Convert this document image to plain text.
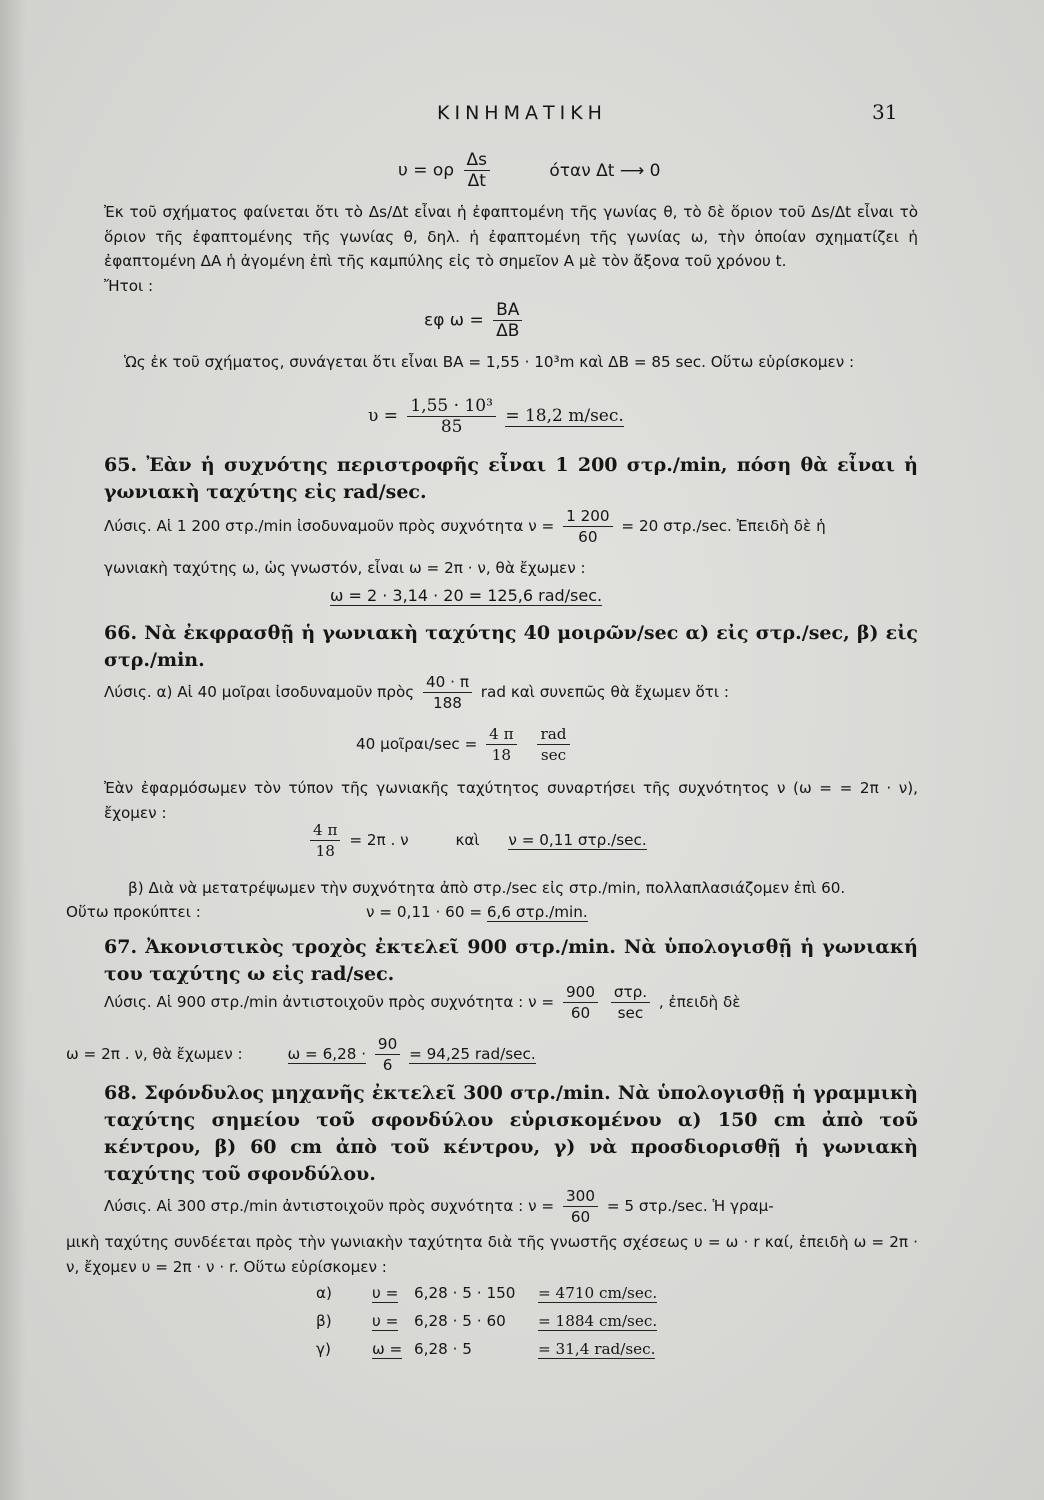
ΚΙΝΗΜΑΤΙΚΗ	31
υ = ορ $\frac{\Delta s}{\Delta t}$	όταν Δt ⟶ 0

Ἐκ τοῦ σχήματος φαίνεται ὅτι τὸ Δs/Δt εἶναι ἡ ἐφαπτομένη τῆς γωνίας θ, τὸ δὲ ὅριον τοῦ Δs/Δt εἶναι τὸ ὅριον τῆς ἐφαπτομένης τῆς γωνίας θ, δηλ. ἡ ἐφαπτομένη τῆς γωνίας ω, τὴν ὁποίαν σχηματίζει ἡ ἐφαπτομένη ΔΑ ἡ ἀγομένη ἐπὶ τῆς καμπύλης εἰς τὸ σημεῖον Α μὲ τὸν ἄξονα τοῦ χρόνου t.

Ἤτοι :

εφ $\omega = \frac{BA}{\Delta B}$

Ὡς ἐκ τοῦ σχήματος, συνάγεται ὅτι εἶναι ΒΑ = 1,55 · 10³m καὶ ΔΒ = 85 sec. Οὕτω εὑρίσκομεν :

$\upsilon = \frac{\text{1,55 · 10³}}{85} = 18,2$ m/sec.

65. Ἐὰν ἡ συχνότης περιστροφῆς εἶναι 1 200 στρ./min, πόση θὰ εἶναι ἡ γωνιακὴ ταχύτης εἰς rad/sec.

Λύσις. Αἱ 1 200 στρ./min ἰσοδυναμοῦν πρὸς συχνότητα $\nu = \frac{1 200}{60} = 20$ στρ./sec. Ἐπειδὴ δὲ ἡ

γωνιακὴ ταχύτης ω, ὡς γνωστόν, εἶναι ω = 2π · ν, θὰ ἔχωμεν :

ω = 2 · 3,14 · 20 = 125,6 rad/sec.

66. Νὰ ἐκφρασθῇ ἡ γωνιακὴ ταχύτης 40 μοιρῶν/sec α) εἰς στρ./sec, β) εἰς στρ./min.

Λύσις. α) Αἱ 40 μοῖραι ἰσοδυναμοῦν πρὸς $\frac{40 \cdot \pi}{188}$ rad καὶ συνεπῶς θὰ ἔχωμεν ὅτι :
40 μοῖραι/sec = $\frac{4 \pi}{18}$
$\frac{\text{rad}}{\sec}$

Ἐὰν ἐφαρμόσωμεν τὸν τύπον τῆς γωνιακῆς ταχύτητος συναρτήσει τῆς συχνότητος ν (ω = = 2π · ν), ἔχομεν :

$\frac{4 \pi}{18} = 2\pi$ . ν	καὶ ν = 0,11 στρ./sec.

β) Διὰ νὰ μετατρέψωμεν τὴν συχνότητα ἀπὸ στρ./sec εἰς στρ./min, πολλαπλασιάζομεν ἐπὶ 60.

Οὕτω προκύπτει :	ν = 0,11 · 60 = 6,6 στρ./min.

67. Ἀκονιστικὸς τροχὸς ἐκτελεῖ 900 στρ./min. Νὰ ὑπολογισθῇ ἡ γωνιακή του ταχύτης ω εἰς rad/sec.

Λύσις. Αἱ 900 στρ./min ἀντιστοιχοῦν πρὸς συχνότητα : $\nu = \frac{900}{60}$
$\frac{\text{στρ.}}{\sec}$ , ἐπειδὴ δὲ
ω = 2π . ν, θὰ ἔχωμεν :	$\omega = 6,28 \cdot \frac{90}{6} = 94,25$ rad/sec.

68. Σφόνδυλος μηχανῆς ἐκτελεῖ 300 στρ./min. Νὰ ὑπολογισθῇ ἡ γραμμικὴ ταχύτης σημείου τοῦ σφονδύλου εὑρισκομένου α) 150 cm ἀπὸ τοῦ κέντρου, β) 60 cm ἀπὸ τοῦ κέντρου, γ) νὰ προσδιορισθῇ ἡ γωνιακὴ ταχύτης τοῦ σφονδύλου.

Λύσις. Αἱ 300 στρ./min ἀντιστοιχοῦν πρὸς συχνότητα : $\nu = \frac{300}{60} = 5$ στρ./sec. Ἡ γραμ-

μικὴ ταχύτης συνδέεται πρὸς τὴν γωνιακὴν ταχύτητα διὰ τῆς γνωστῆς σχέσεως υ = ω · r καί, ἐπειδὴ ω = 2π · ν, ἔχομεν υ = 2π · ν · r. Οὕτω εὑρίσκομεν :

α)	υ = 6,28 · 5 · 150 = 4710 cm/sec.
β)	υ = 6,28 · 5 · 60 = 1884 cm/sec.
γ)	ω = 6,28 · 5	= 31,4 rad/sec.
